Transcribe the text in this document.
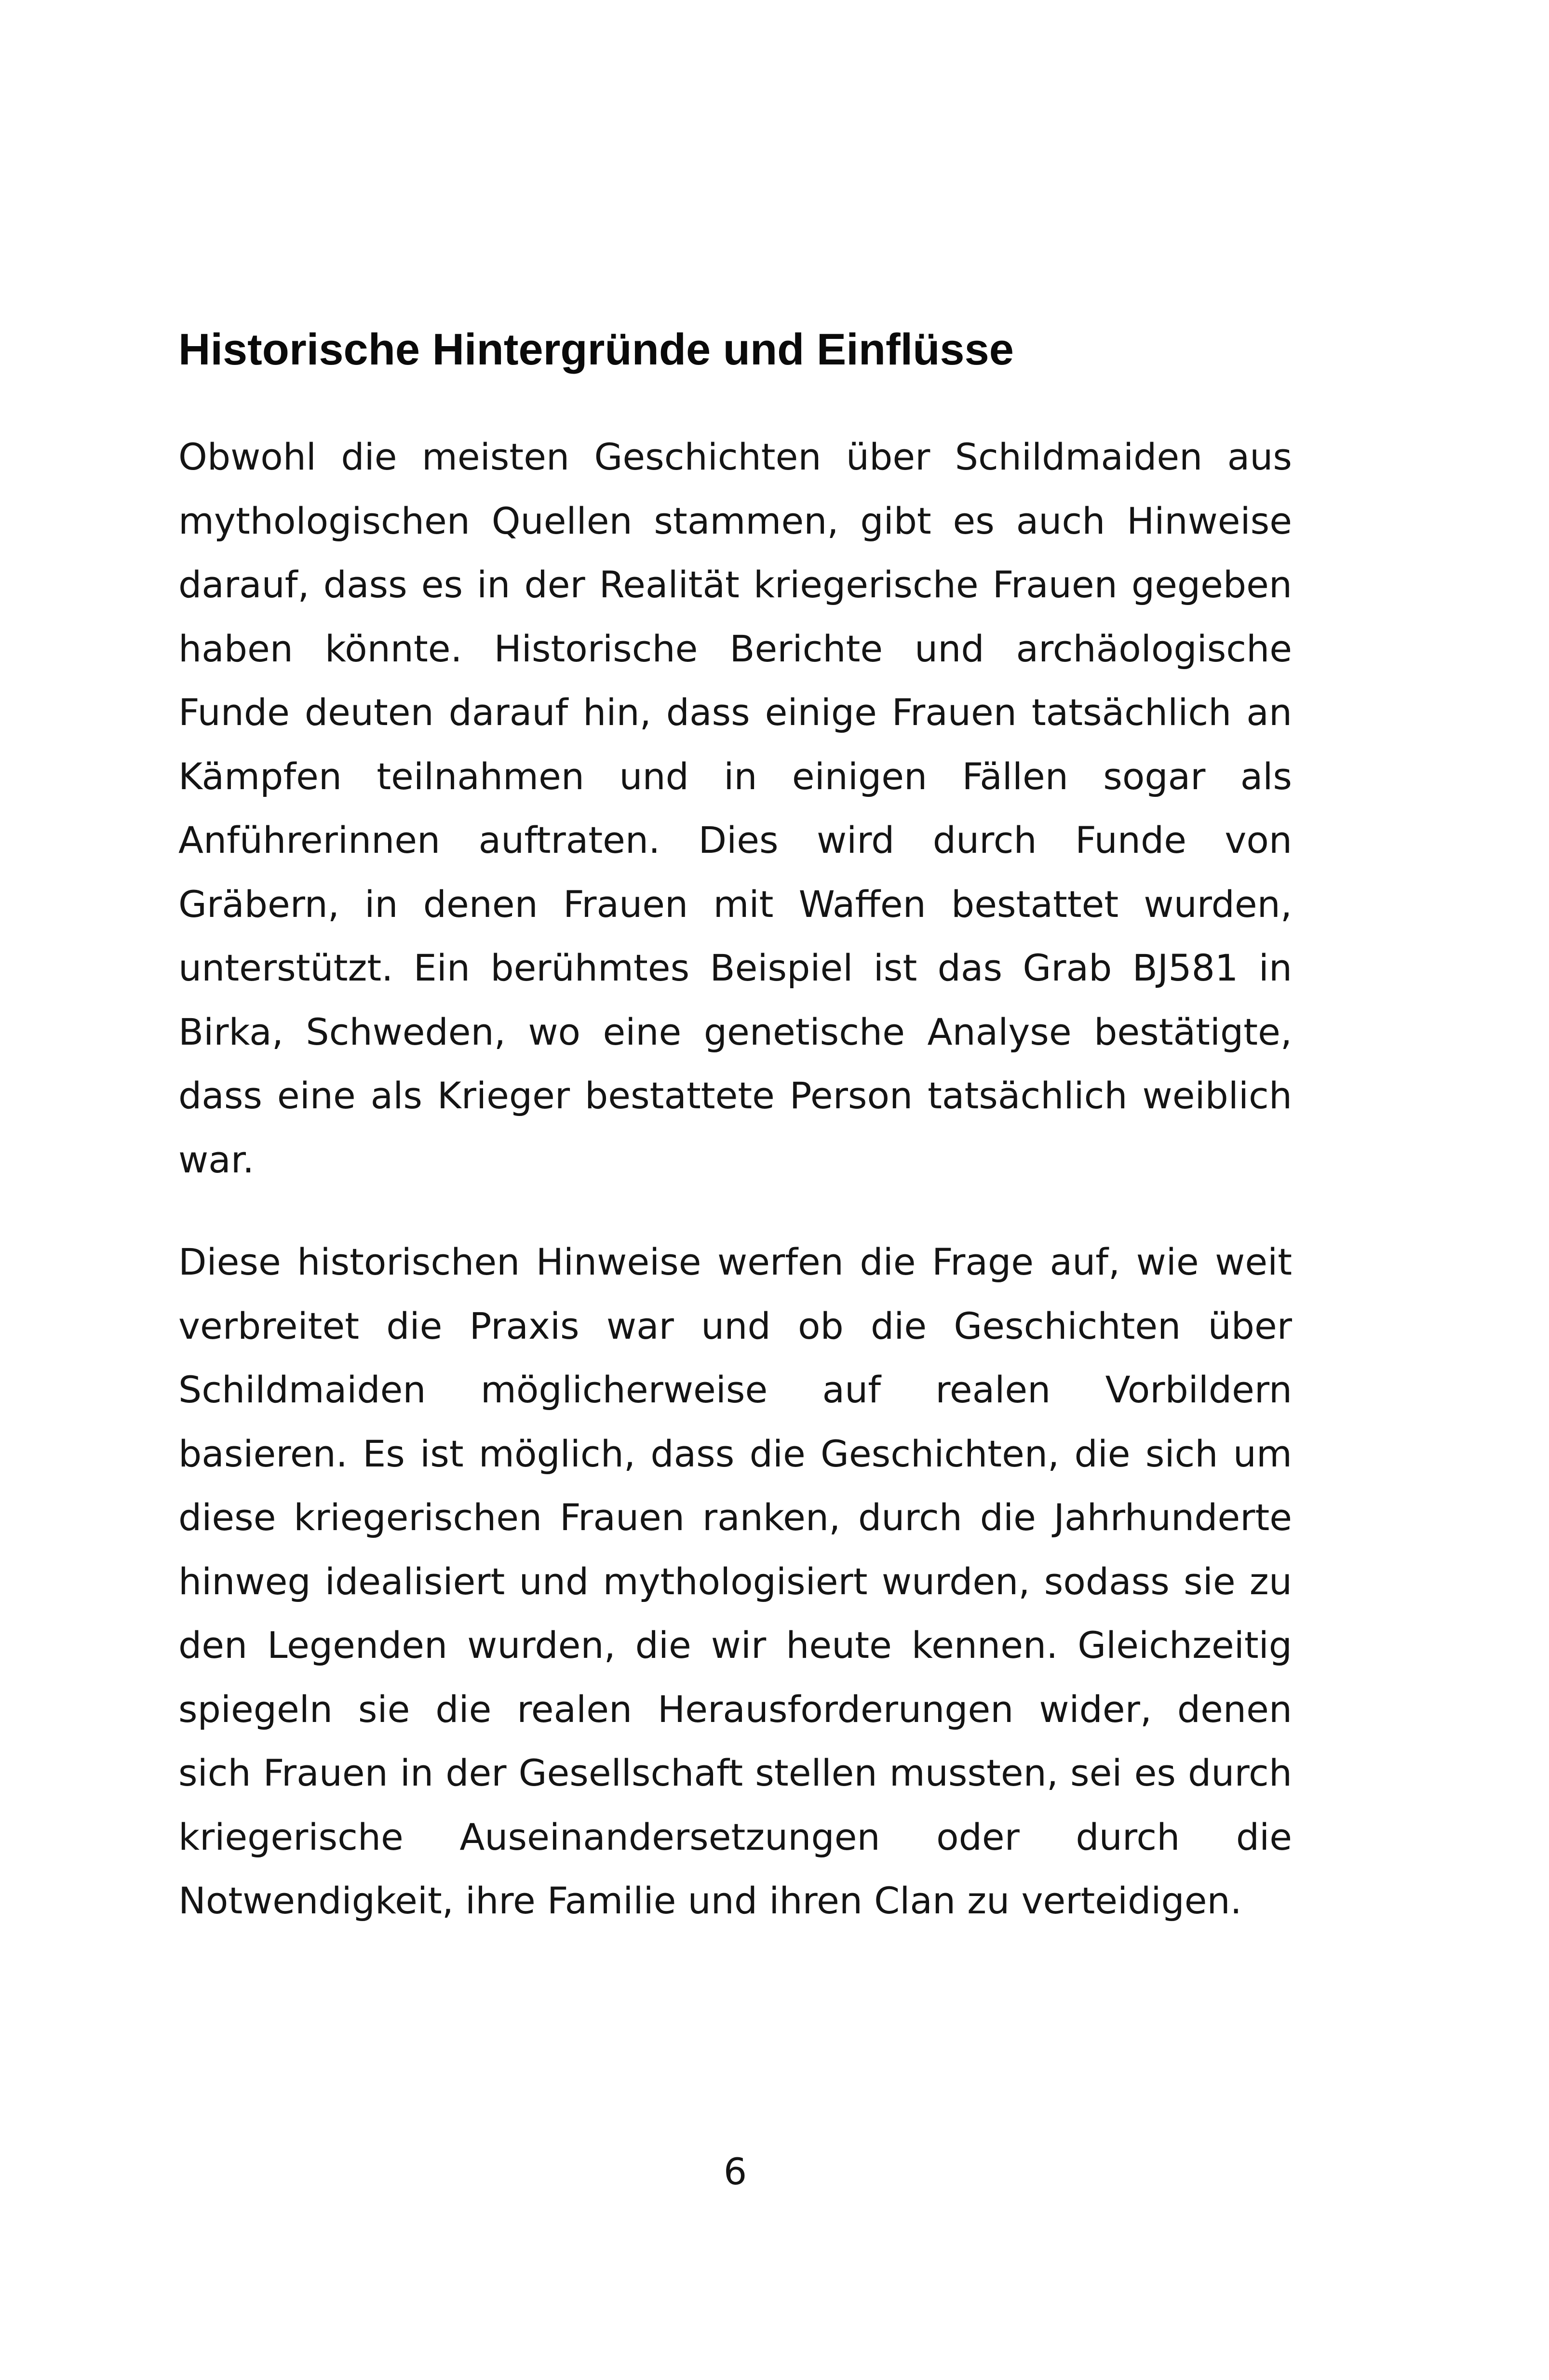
Historische Hintergründe und Einflüsse

Obwohl die meisten Geschichten über Schildmaiden aus mythologischen Quellen stammen, gibt es auch Hinweise darauf, dass es in der Realität kriegerische Frauen gegeben haben könnte. Historische Berichte und archäologische Funde deuten darauf hin, dass einige Frauen tatsächlich an Kämpfen teilnahmen und in einigen Fällen sogar als Anführerinnen auftraten. Dies wird durch Funde von Gräbern, in denen Frauen mit Waffen bestattet wurden, unterstützt. Ein berühmtes Beispiel ist das Grab BJ581 in Birka, Schweden, wo eine genetische Analyse bestätigte, dass eine als Krieger bestattete Person tatsächlich weiblich war.

Diese historischen Hinweise werfen die Frage auf, wie weit verbreitet die Praxis war und ob die Geschichten über Schildmaiden möglicherweise auf realen Vorbildern basieren. Es ist möglich, dass die Geschichten, die sich um diese kriegerischen Frauen ranken, durch die Jahrhunderte hinweg idealisiert und mythologisiert wurden, sodass sie zu den Legenden wurden, die wir heute kennen. Gleichzeitig spiegeln sie die realen Herausforderungen wider, denen sich Frauen in der Gesellschaft stellen mussten, sei es durch kriegerische Auseinandersetzungen oder durch die Notwendigkeit, ihre Familie und ihren Clan zu verteidigen.

6
